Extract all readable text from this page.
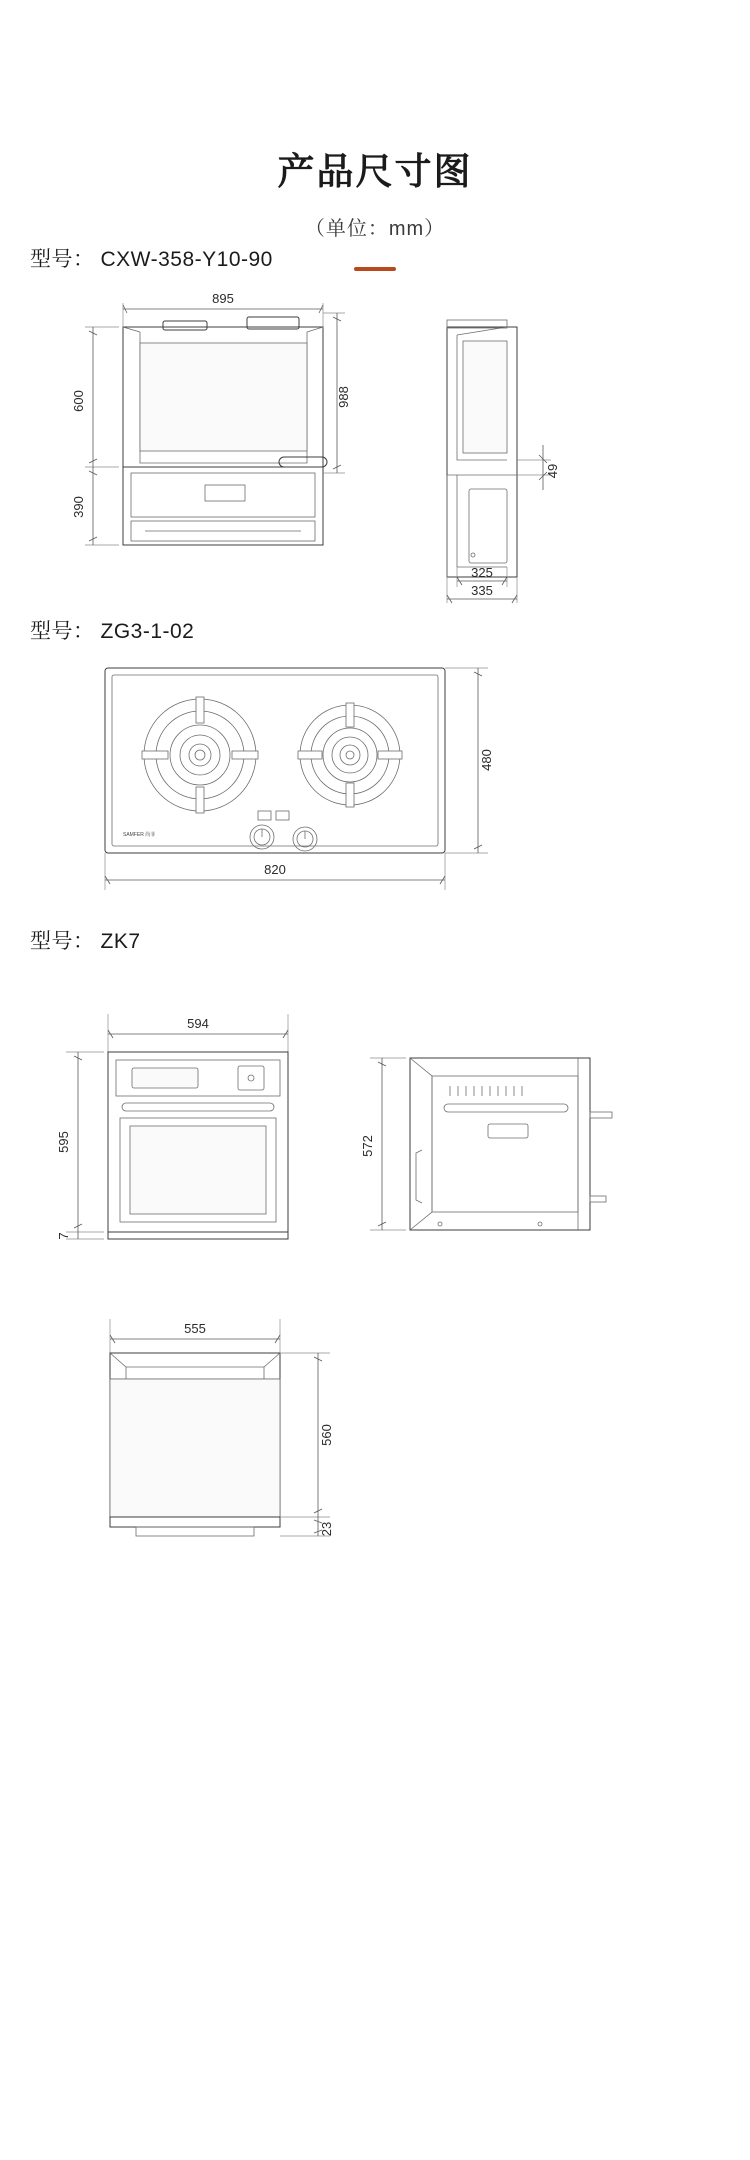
产品尺寸图
（单位：mm）
型号： CXW-358-Y10-90
895
600
390
988
49
325
335
型号： ZG3-1-02
SAMFER 尚菲
480
820
型号： ZK7
594
595
7
572
555
560
23
